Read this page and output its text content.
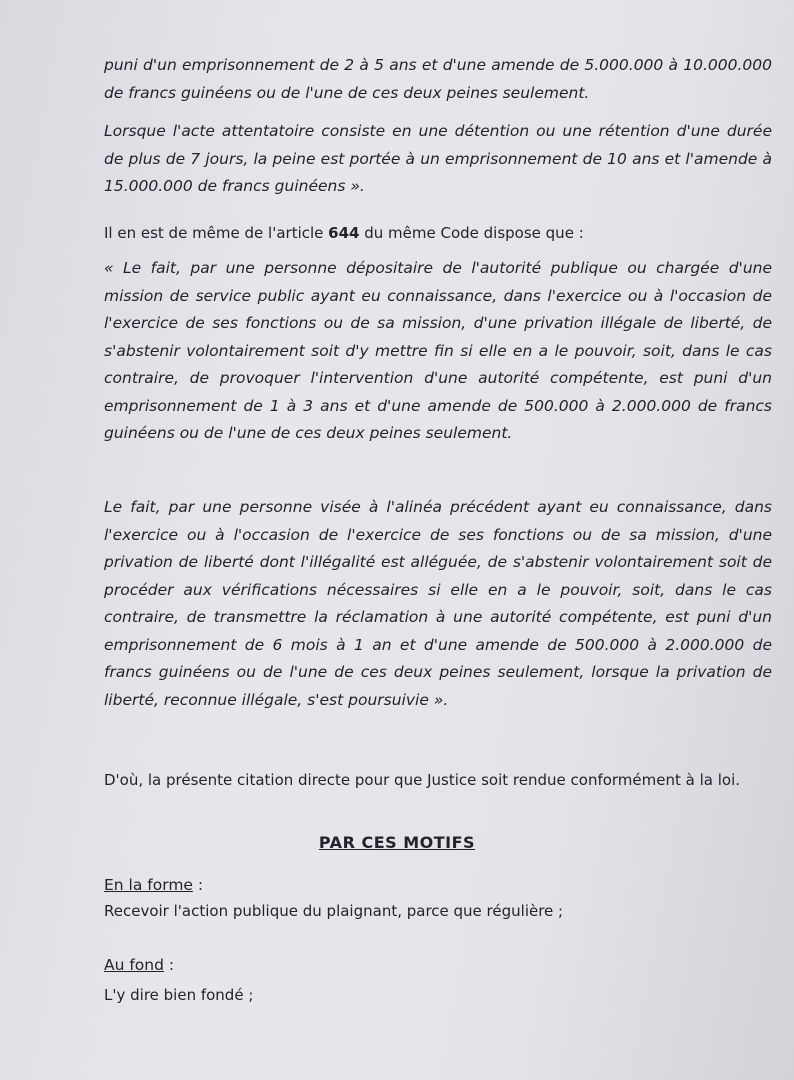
puni d'un emprisonnement de 2 à 5 ans et d'une amende de 5.000.000 à 10.000.000 de francs guinéens ou de l'une de ces deux peines seulement.

Lorsque l'acte attentatoire consiste en une détention ou une rétention d'une durée de plus de 7 jours, la peine est portée à un emprisonnement de 10 ans et l'amende à 15.000.000 de francs guinéens ».

Il en est de même de l'article 644 du même Code dispose que :

« Le fait, par une personne dépositaire de l'autorité publique ou chargée d'une mission de service public ayant eu connaissance, dans l'exercice ou à l'occasion de l'exercice de ses fonctions ou de sa mission, d'une privation illégale de liberté, de s'abstenir volontairement soit d'y mettre fin si elle en a le pouvoir, soit, dans le cas contraire, de provoquer l'intervention d'une autorité compétente, est puni d'un emprisonnement de 1 à 3 ans et d'une amende de 500.000 à 2.000.000 de francs guinéens ou de l'une de ces deux peines seulement.

Le fait, par une personne visée à l'alinéa précédent ayant eu connaissance, dans l'exercice ou à l'occasion de l'exercice de ses fonctions ou de sa mission, d'une privation de liberté dont l'illégalité est alléguée, de s'abstenir volontairement soit de procéder aux vérifications nécessaires si elle en a le pouvoir, soit, dans le cas contraire, de transmettre la réclamation à une autorité compétente, est puni d'un emprisonnement de 6 mois à 1 an et d'une amende de 500.000 à 2.000.000 de francs guinéens ou de l'une de ces deux peines seulement, lorsque la privation de liberté, reconnue illégale, s'est poursuivie ».

D'où, la présente citation directe pour que Justice soit rendue conformément à la loi.

PAR CES MOTIFS
En la forme :
Recevoir l'action publique du plaignant, parce que régulière ;
Au fond :
L'y dire bien fondé ;
